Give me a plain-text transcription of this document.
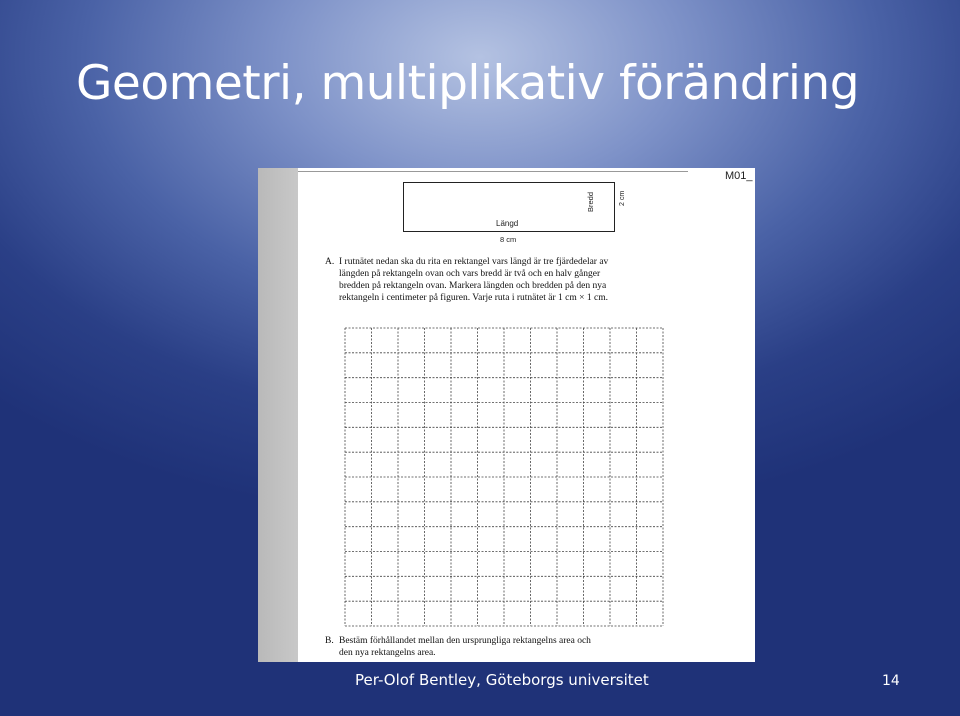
Geometri, multiplikativ förändring
M01_
Längd
8 cm
Bredd	2 cm
A. I rutnätet nedan ska du rita en rektangel vars längd är tre fjärdedelar av
längden på rektangeln ovan och vars bredd är två och en halv gånger
bredden på rektangeln ovan. Markera längden och bredden på den nya
rektangeln i centimeter på figuren. Varje ruta i rutnätet är 1 cm × 1 cm.
B. Bestäm förhållandet mellan den ursprungliga rektangelns area och
den nya rektangelns area.
Per-Olof Bentley, Göteborgs universitet	14
